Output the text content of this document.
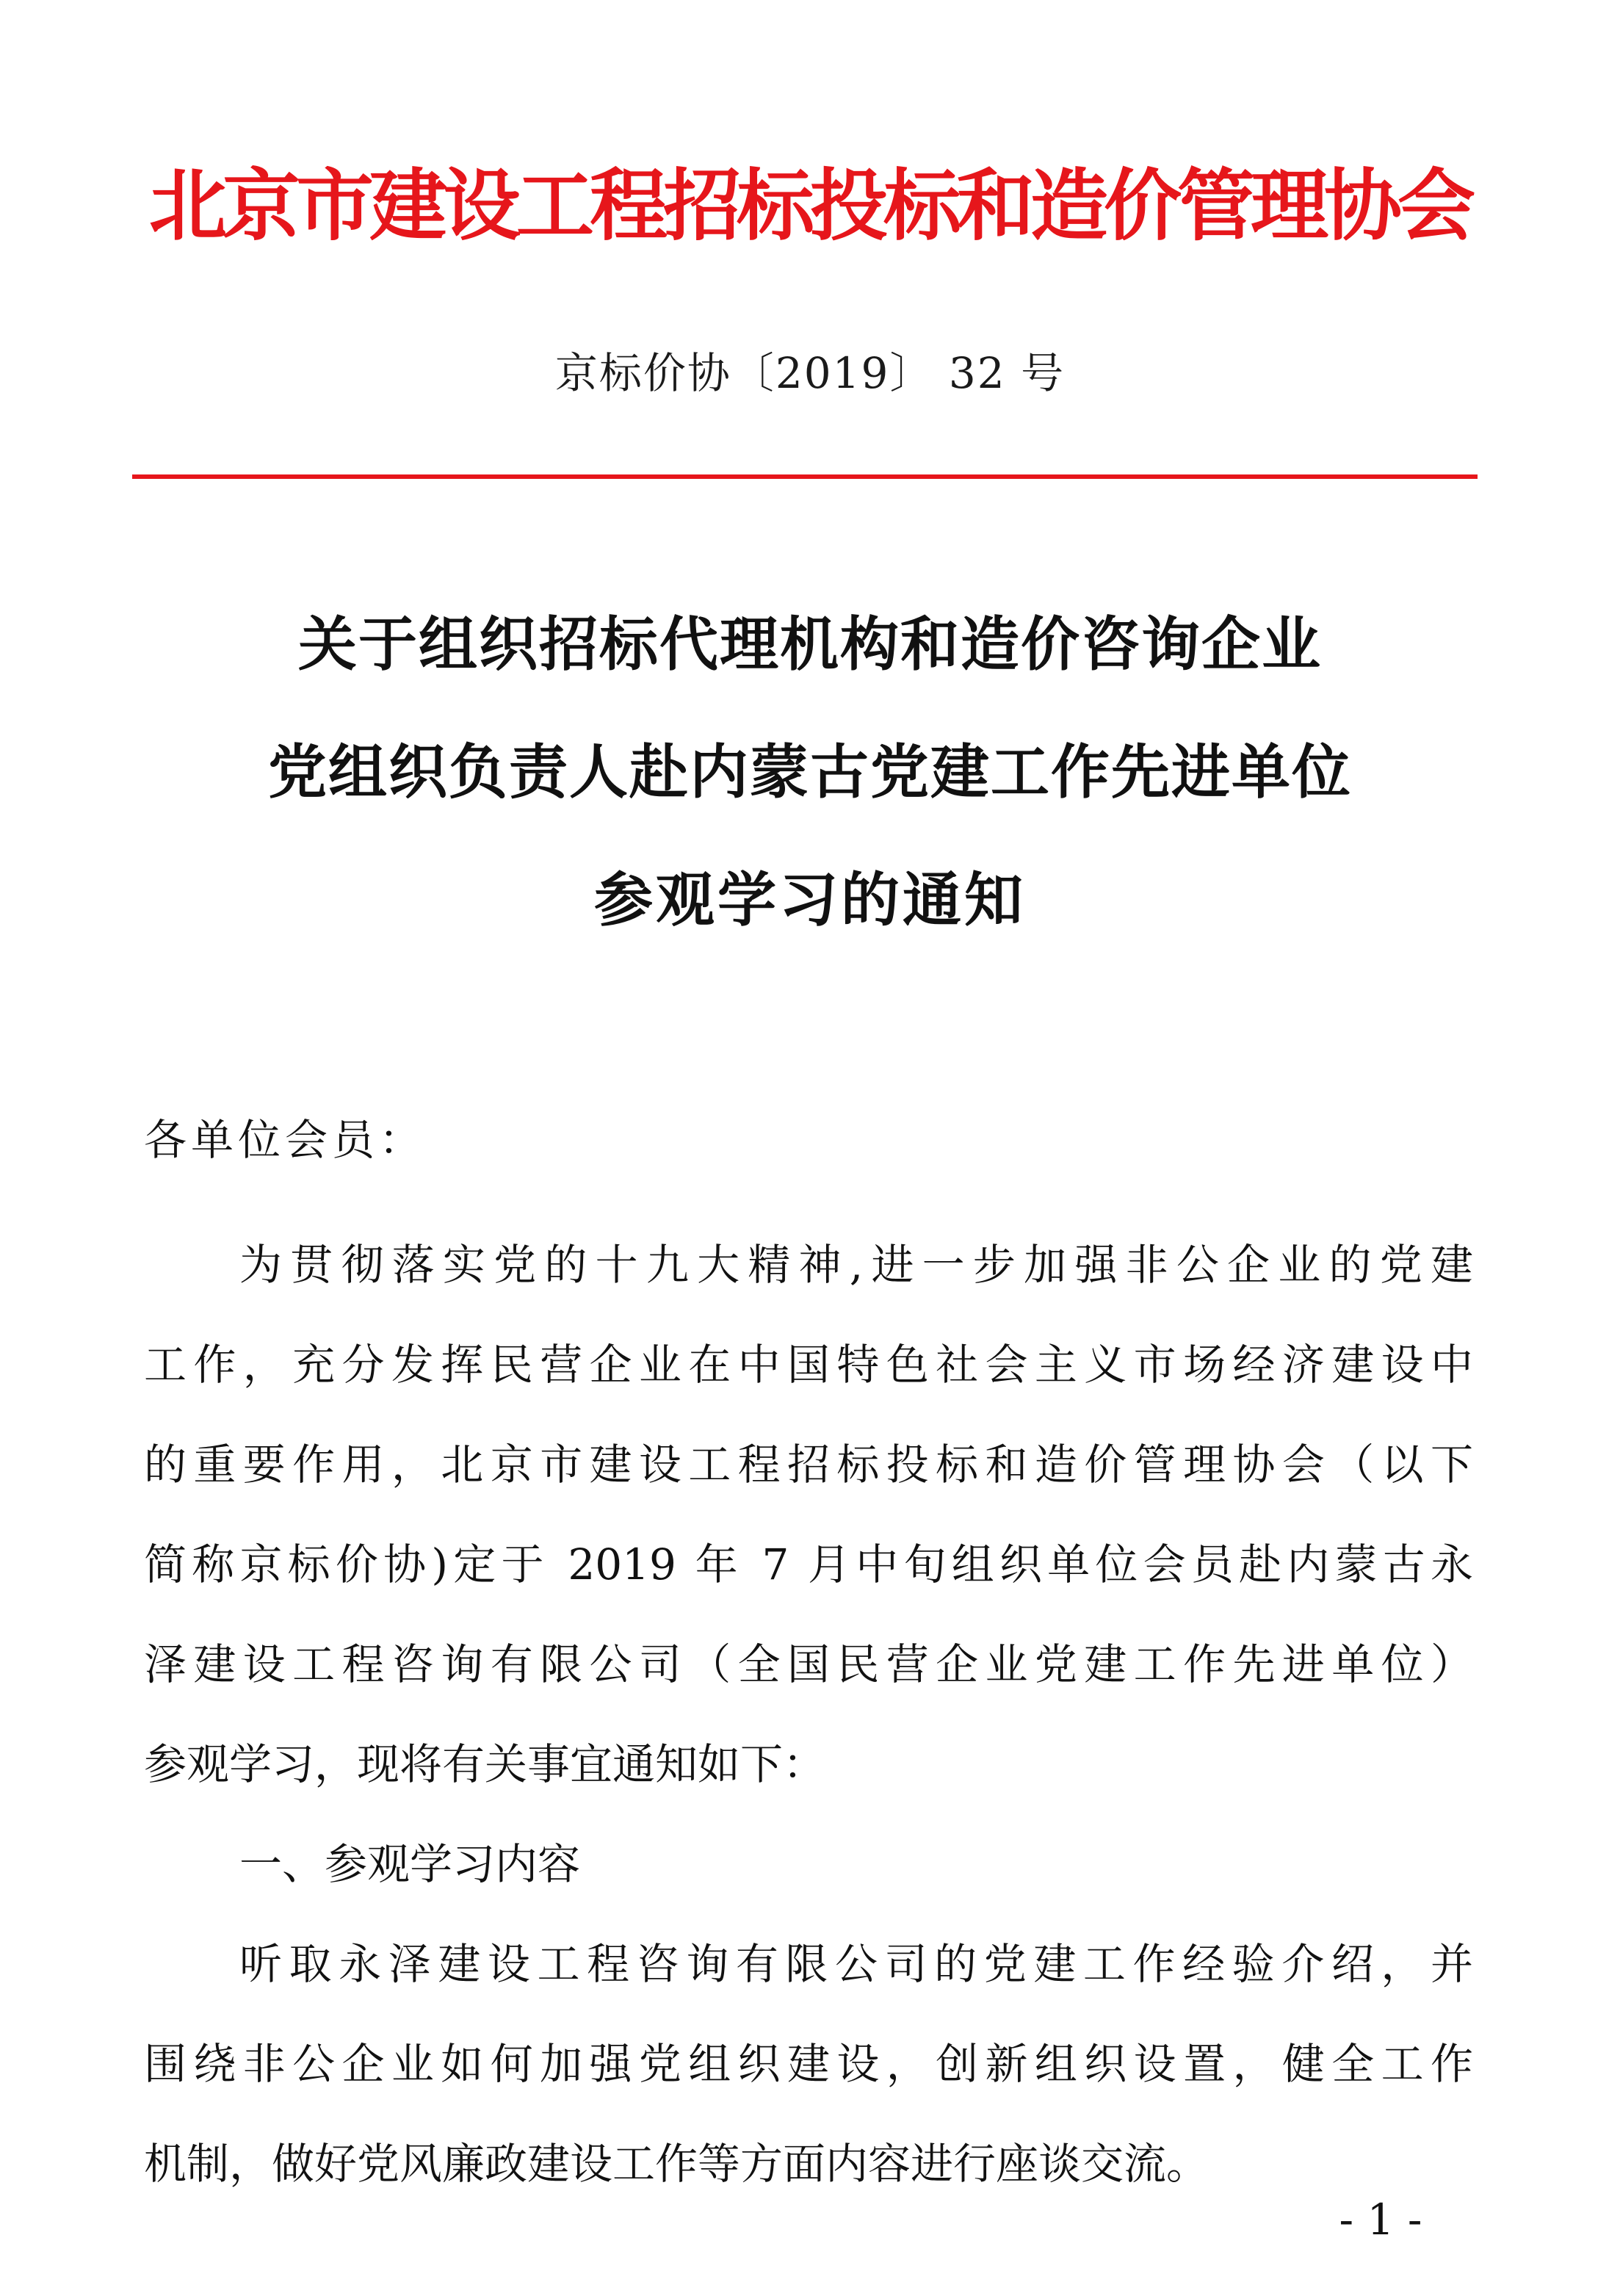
北京市建设工程招标投标和造价管理协会
京标价协〔2019〕 32 号
关于组织招标代理机构和造价咨询企业
党组织负责人赴内蒙古党建工作先进单位
参观学习的通知
各单位会员：
为贯彻落实党的十九大精神,进一步加强非公企业的党建
工作，充分发挥民营企业在中国特色社会主义市场经济建设中
的重要作用，北京市建设工程招标投标和造价管理协会（以下
简称京标价协)定于 2019 年 7 月中旬组织单位会员赴内蒙古永
泽建设工程咨询有限公司（全国民营企业党建工作先进单位）
参观学习，现将有关事宜通知如下：
一、参观学习内容
听取永泽建设工程咨询有限公司的党建工作经验介绍，并
围绕非公企业如何加强党组织建设，创新组织设置，健全工作
机制，做好党风廉政建设工作等方面内容进行座谈交流。
- 1 -
